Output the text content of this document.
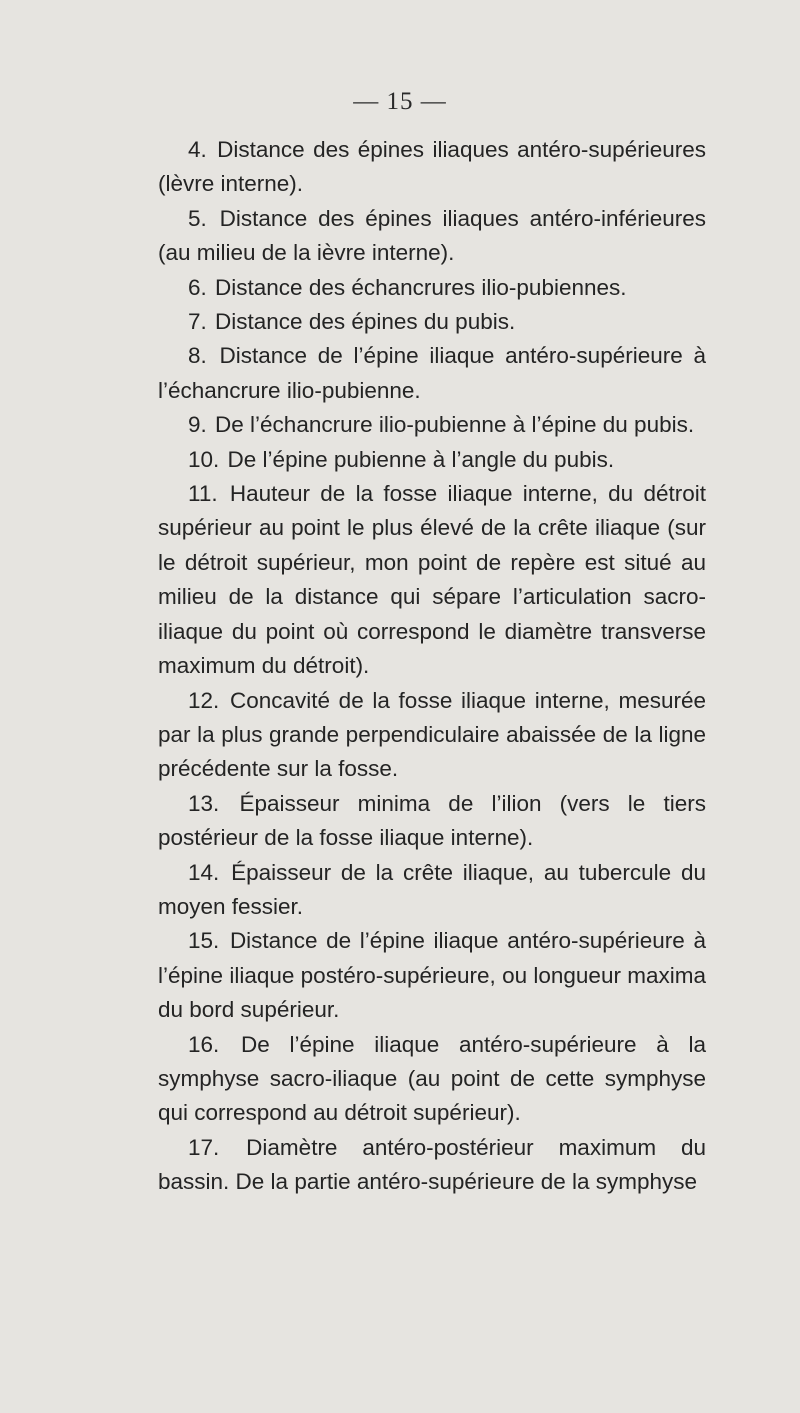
— 15 —

4. Distance des épines iliaques antéro-supérieures (lèvre interne).

5. Distance des épines iliaques antéro-inférieures (au milieu de la ièvre interne).

6. Distance des échancrures ilio-pubiennes.

7. Distance des épines du pubis.

8. Distance de l’épine iliaque antéro-supérieure à l’échancrure ilio-pubienne.

9. De l’échancrure ilio-pubienne à l’épine du pubis.

10. De l’épine pubienne à l’angle du pubis.

11. Hauteur de la fosse iliaque interne, du détroit supérieur au point le plus élevé de la crête iliaque (sur le détroit supérieur, mon point de repère est situé au milieu de la distance qui sépare l’articulation sacro-iliaque du point où correspond le diamètre transverse maximum du détroit).

12. Concavité de la fosse iliaque interne, mesurée par la plus grande perpendiculaire abaissée de la ligne précédente sur la fosse.

13. Épaisseur minima de l’ilion (vers le tiers postérieur de la fosse iliaque interne).

14. Épaisseur de la crête iliaque, au tubercule du moyen fessier.

15. Distance de l’épine iliaque antéro-supérieure à l’épine iliaque postéro-supérieure, ou longueur maxima du bord supérieur.

16. De l’épine iliaque antéro-supérieure à la symphyse sacro-iliaque (au point de cette symphyse qui correspond au détroit supérieur).

17. Diamètre antéro-postérieur maximum du bassin. De la partie antéro-supérieure de la symphyse
